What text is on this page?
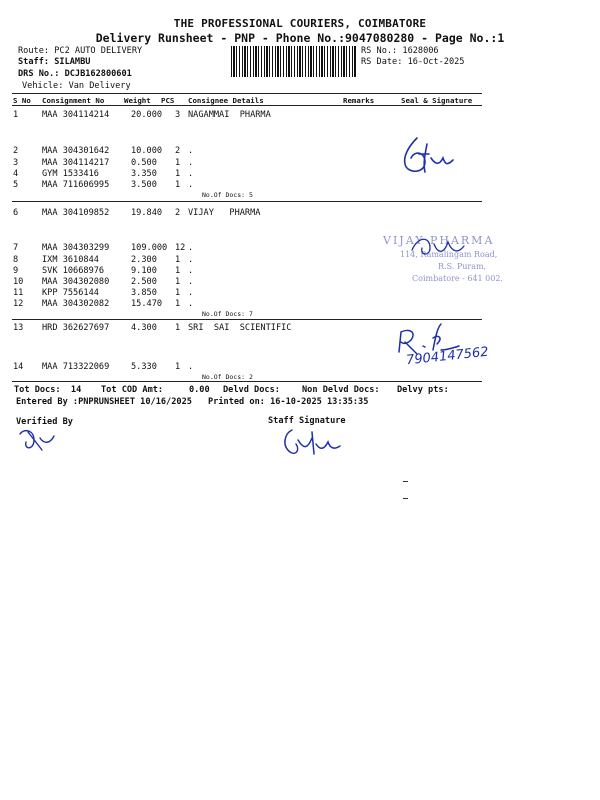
THE PROFESSIONAL COURIERS, COIMBATORE
Delivery Runsheet - PNP - Phone No.:9047080280 - Page No.:1
Route: PC2 AUTO DELIVERY
Staff: SILAMBU
DRS No.: DCJB162800601
Vehicle: Van Delivery
RS No.: 1628006
RS Date: 16-Oct-2025
S No Consignment No	Weight PCS Consignee Details	Remarks	Seal & Signature
1	MAA 304114214	20.000 3 NAGAMMAI  PHARMA
2	MAA 304301642	10.000 2 .
3	MAA 304114217	0.500 1 .
4	GYM 1533416	3.350 1 .
5	MAA 711606995	3.500 1 .
6	MAA 304109852	19.840 2 VIJAY   PHARMA
7	MAA 304303299	109.000 12 .
8	IXM 3610844	2.300 1 .
9	SVK 10668976	9.100 1 .
10 MAA 304302080	2.500 1 .
11 KPP 7556144	3.850 1 .
12 MAA 304302082	15.470 1 .
13 HRD 362627697	4.300 1 SRI  SAI  SCIENTIFIC
14 MAA 713322069	5.330 1 .
No.Of Docs: 5
No.Of Docs: 7
No.Of Docs: 2
Tot Docs:  14 Tot COD Amt:     0.00 Delvd Docs:	Non Delvd Docs: Delvy pts:
Entered By :PNPRUNSHEET 10/16/2025 Printed on: 16-10-2025 13:35:35
Verified By	Staff Signature
VIJAY PHARMA
114, Ramalingam Road,
R.S. Puram,
Coimbatore - 641 002.
7904147562
